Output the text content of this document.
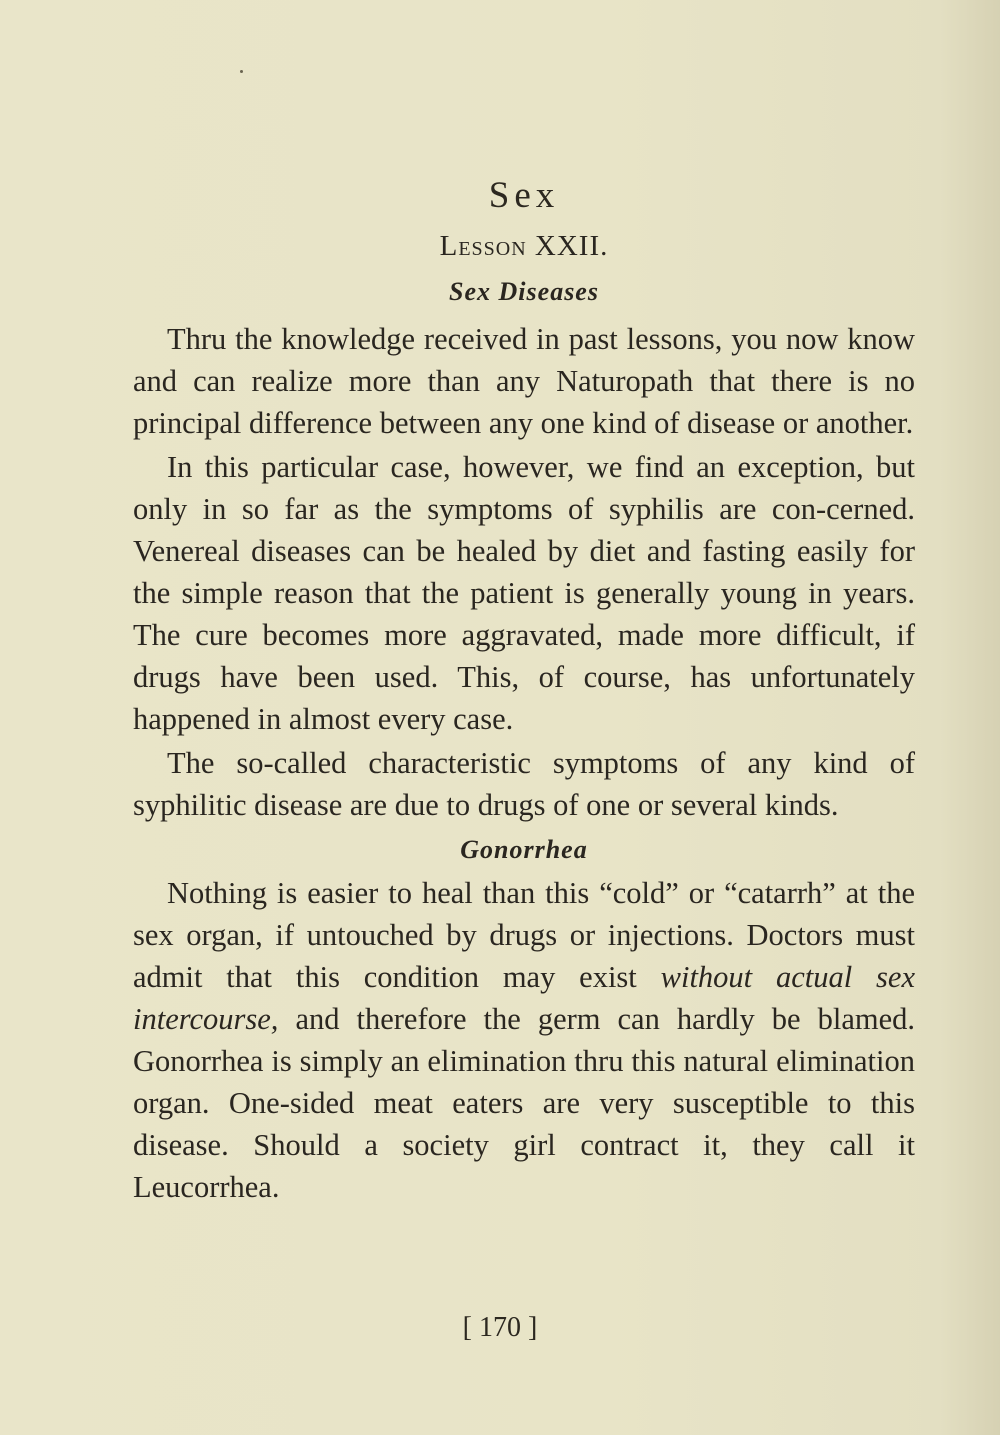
Sex
Lesson XXII.
Sex Diseases

Thru the knowledge received in past lessons, you now know and can realize more than any Naturopath that there is no principal difference between any one kind of disease or another.

In this particular case, however, we find an exception, but only in so far as the symptoms of syphilis are con-cerned. Venereal diseases can be healed by diet and fasting easily for the simple reason that the patient is generally young in years. The cure becomes more aggravated, made more difficult, if drugs have been used. This, of course, has unfortunately happened in almost every case.

The so-called characteristic symptoms of any kind of syphilitic disease are due to drugs of one or several kinds.

Gonorrhea

Nothing is easier to heal than this “cold” or “catarrh” at the sex organ, if untouched by drugs or injections. Doctors must admit that this condition may exist without actual sex intercourse, and therefore the germ can hardly be blamed. Gonorrhea is simply an elimination thru this natural elimination organ. One-sided meat eaters are very susceptible to this disease. Should a society girl contract it, they call it Leucorrhea.

[ 170 ]
